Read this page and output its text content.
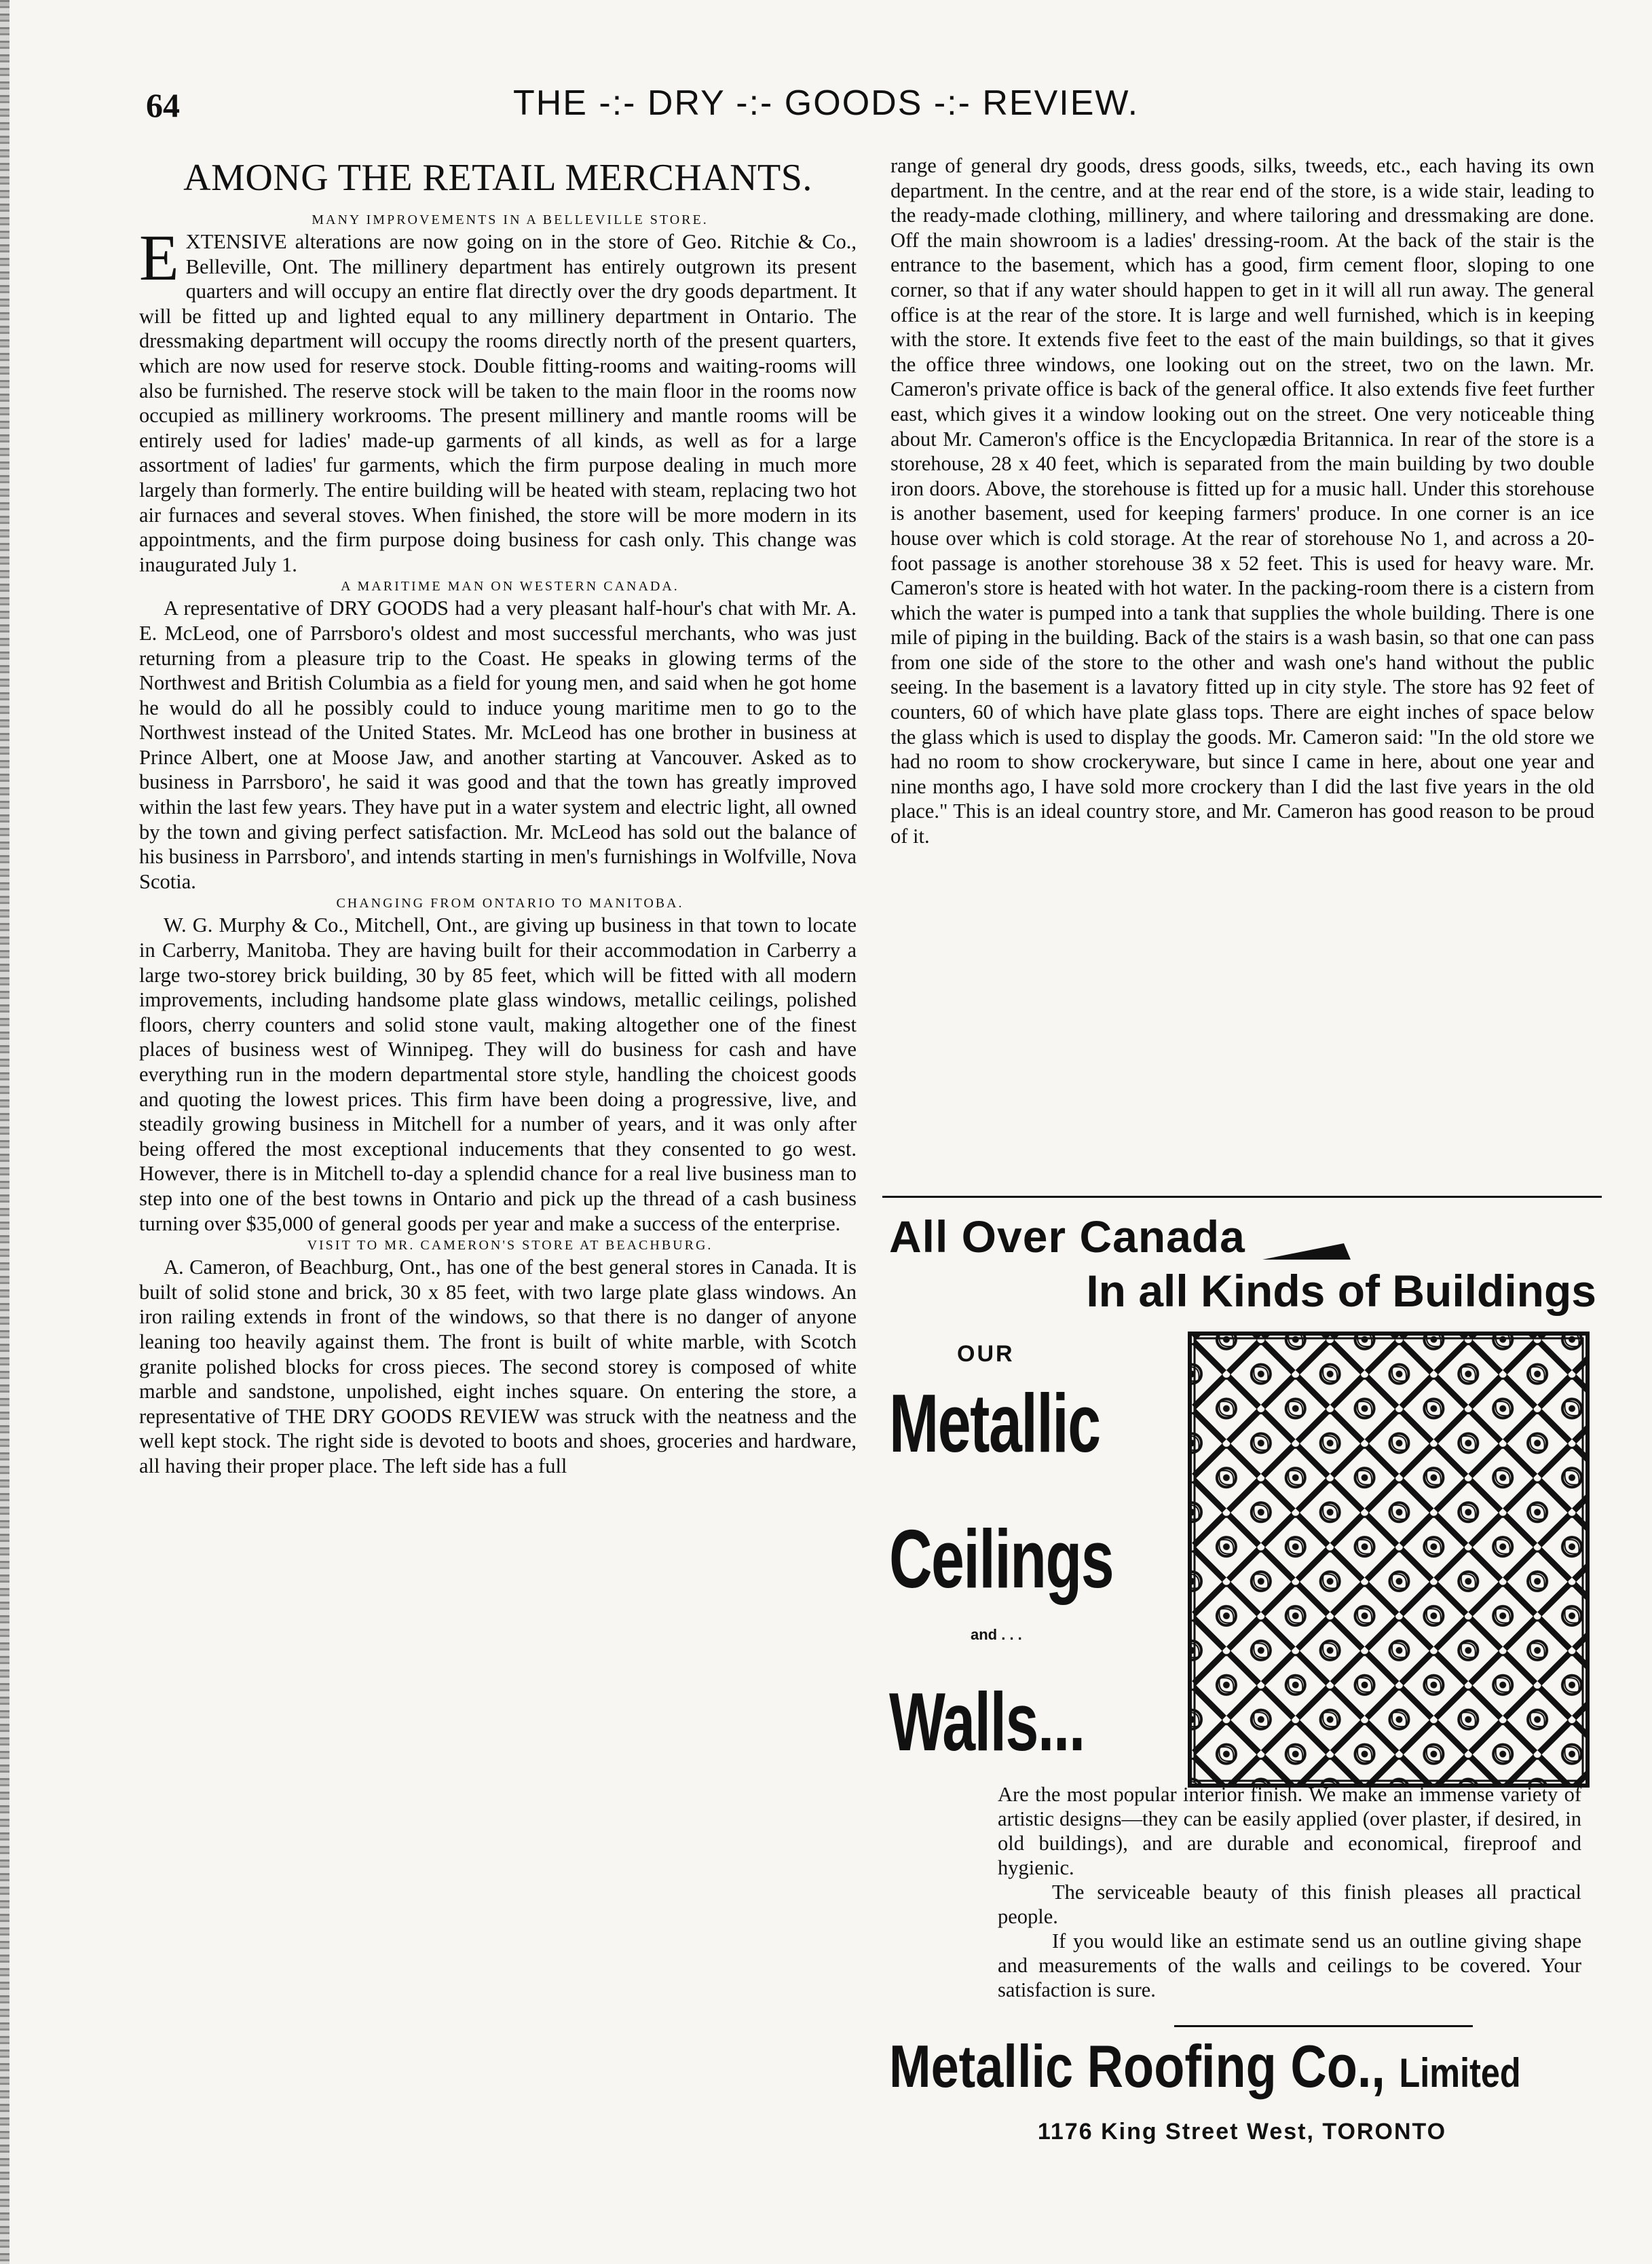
64	THE -:- DRY -:- GOODS -:- REVIEW.
AMONG THE RETAIL MERCHANTS.

MANY IMPROVEMENTS IN A BELLEVILLE STORE.

EXTENSIVE alterations are now going on in the store of Geo. Ritchie & Co., Belleville, Ont. The millinery department has entirely outgrown its present quarters and will occupy an entire flat directly over the dry goods department. It will be fitted up and lighted equal to any millinery department in Ontario. The dressmaking department will occupy the rooms directly north of the present quarters, which are now used for reserve stock. Double fitting-rooms and waiting-rooms will also be furnished. The reserve stock will be taken to the main floor in the rooms now occupied as millinery workrooms. The present millinery and mantle rooms will be entirely used for ladies' made-up garments of all kinds, as well as for a large assortment of ladies' fur garments, which the firm purpose dealing in much more largely than formerly. The entire building will be heated with steam, replacing two hot air furnaces and several stoves. When finished, the store will be more modern in its appointments, and the firm purpose doing business for cash only. This change was inaugurated July 1.

A MARITIME MAN ON WESTERN CANADA.

A representative of DRY GOODS had a very pleasant half-hour's chat with Mr. A. E. McLeod, one of Parrsboro's oldest and most successful merchants, who was just returning from a pleasure trip to the Coast. He speaks in glowing terms of the Northwest and British Columbia as a field for young men, and said when he got home he would do all he possibly could to induce young maritime men to go to the Northwest instead of the United States. Mr. McLeod has one brother in business at Prince Albert, one at Moose Jaw, and another starting at Vancouver. Asked as to business in Parrsboro', he said it was good and that the town has greatly improved within the last few years. They have put in a water system and electric light, all owned by the town and giving perfect satisfaction. Mr. McLeod has sold out the balance of his business in Parrsboro', and intends starting in men's furnishings in Wolfville, Nova Scotia.

CHANGING FROM ONTARIO TO MANITOBA.

W. G. Murphy & Co., Mitchell, Ont., are giving up business in that town to locate in Carberry, Manitoba. They are having built for their accommodation in Carberry a large two-storey brick building, 30 by 85 feet, which will be fitted with all modern improvements, including handsome plate glass windows, metallic ceilings, polished floors, cherry counters and solid stone vault, making altogether one of the finest places of business west of Winnipeg. They will do business for cash and have everything run in the modern departmental store style, handling the choicest goods and quoting the lowest prices. This firm have been doing a progressive, live, and steadily growing business in Mitchell for a number of years, and it was only after being offered the most exceptional inducements that they consented to go west. However, there is in Mitchell to-day a splendid chance for a real live business man to step into one of the best towns in Ontario and pick up the thread of a cash business turning over $35,000 of general goods per year and make a success of the enterprise.

VISIT TO MR. CAMERON'S STORE AT BEACHBURG.

A. Cameron, of Beachburg, Ont., has one of the best general stores in Canada. It is built of solid stone and brick, 30 x 85 feet, with two large plate glass windows. An iron railing extends in front of the windows, so that there is no danger of anyone leaning too heavily against them. The front is built of white marble, with Scotch granite polished blocks for cross pieces. The second storey is composed of white marble and sandstone, unpolished, eight inches square. On entering the store, a representative of THE DRY GOODS REVIEW was struck with the neatness and the well kept stock. The right side is devoted to boots and shoes, groceries and hardware, all having their proper place. The left side has a full

range of general dry goods, dress goods, silks, tweeds, etc., each having its own department. In the centre, and at the rear end of the store, is a wide stair, leading to the ready-made clothing, millinery, and where tailoring and dressmaking are done. Off the main showroom is a ladies' dressing-room. At the back of the stair is the entrance to the basement, which has a good, firm cement floor, sloping to one corner, so that if any water should happen to get in it will all run away. The general office is at the rear of the store. It is large and well furnished, which is in keeping with the store. It extends five feet to the east of the main buildings, so that it gives the office three windows, one looking out on the street, two on the lawn. Mr. Cameron's private office is back of the general office. It also extends five feet further east, which gives it a window looking out on the street. One very noticeable thing about Mr. Cameron's office is the Encyclopædia Britannica. In rear of the store is a storehouse, 28 x 40 feet, which is separated from the main building by two double iron doors. Above, the storehouse is fitted up for a music hall. Under this storehouse is another basement, used for keeping farmers' produce. In one corner is an ice house over which is cold storage. At the rear of storehouse No 1, and across a 20-foot passage is another storehouse 38 x 52 feet. This is used for heavy ware. Mr. Cameron's store is heated with hot water. In the packing-room there is a cistern from which the water is pumped into a tank that supplies the whole building. There is one mile of piping in the building. Back of the stairs is a wash basin, so that one can pass from one side of the store to the other and wash one's hand without the public seeing. In the basement is a lavatory fitted up in city style. The store has 92 feet of counters, 60 of which have plate glass tops. There are eight inches of space below the glass which is used to display the goods. Mr. Cameron said: "In the old store we had no room to show crockeryware, but since I came in here, about one year and nine months ago, I have sold more crockery than I did the last five years in the old place." This is an ideal country store, and Mr. Cameron has good reason to be proud of it.

All Over Canada
In all Kinds of Buildings
OUR
Metallic
Ceilings
and . . .
Walls...

Are the most popular interior finish. We make an immense variety of artistic designs—they can be easily applied (over plaster, if desired, in old buildings), and are durable and economical, fireproof and hygienic.

The serviceable beauty of this finish pleases all practical people.

If you would like an estimate send us an outline giving shape and measurements of the walls and ceilings to be covered. Your satisfaction is sure.

Metallic Roofing Co., Limited
1176 King Street West, TORONTO
